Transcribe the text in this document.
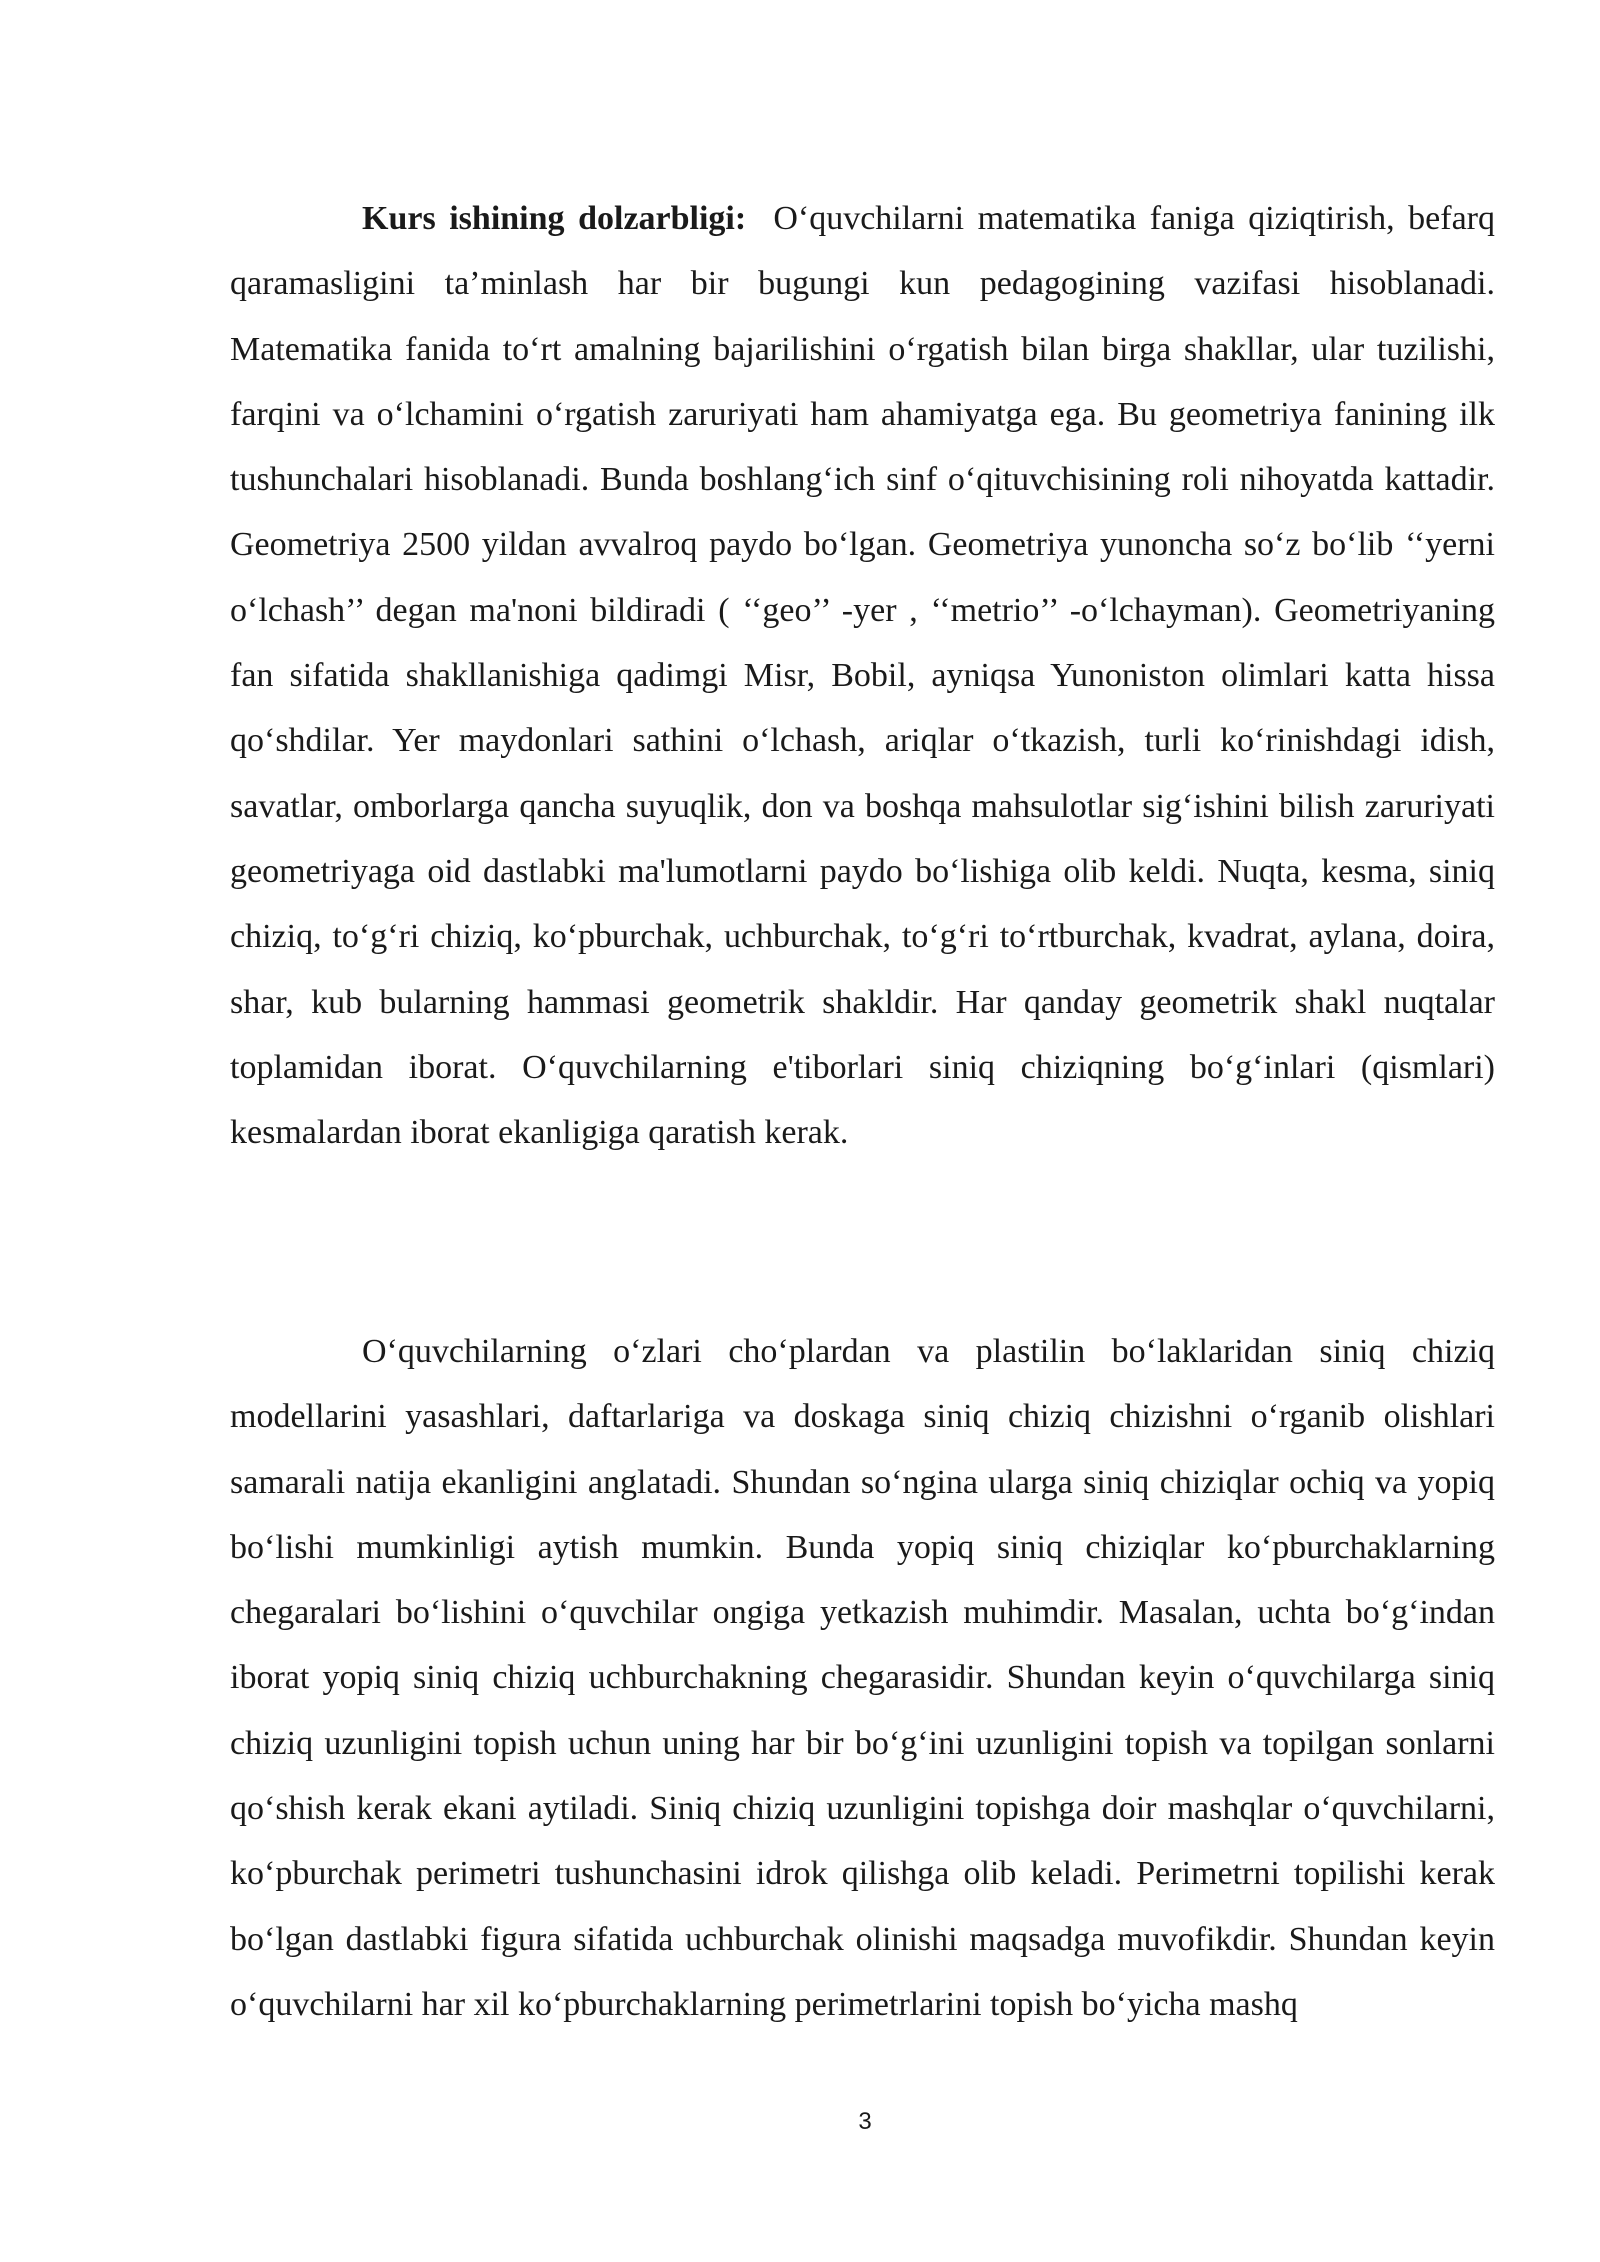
Kurs ishining dolzarbligi: O‘quvchilarni matematika faniga qiziqtirish, befarq qaramasligini ta’minlash har bir bugungi kun pedagogining vazifasi hisoblanadi. Matematika fanida to‘rt amalning bajarilishini o‘rgatish bilan birga shakllar, ular tuzilishi, farqini va o‘lchamini o‘rgatish zaruriyati ham ahamiyatga ega. Bu geometriya fanining ilk tushunchalari hisoblanadi. Bunda boshlang‘ich sinf o‘qituvchisining roli nihoyatda kattadir. Geometriya 2500 yildan avvalroq paydo bo‘lgan. Geometriya yunoncha so‘z bo‘lib ‘‘yerni o‘lchash’’ degan ma'noni bildiradi ( ‘‘geo’’ -yer , ‘‘metrio’’ -o‘lchayman). Geometriyaning fan sifatida shakllanishiga qadimgi Misr, Bobil, ayniqsa Yunoniston olimlari katta hissa qo‘shdilar. Yer maydonlari sathini o‘lchash, ariqlar o‘tkazish, turli ko‘rinishdagi idish, savatlar, omborlarga qancha suyuqlik, don va boshqa mahsulotlar sig‘ishini bilish zaruriyati geometriyaga oid dastlabki ma'lumotlarni paydo bo‘lishiga olib keldi. Nuqta, kesma, siniq chiziq, to‘g‘ri chiziq, ko‘pburchak, uchburchak, to‘g‘ri to‘rtburchak, kvadrat, aylana, doira, shar, kub bularning hammasi geometrik shakldir. Har qanday geometrik shakl nuqtalar toplamidan iborat. O‘quvchilarning e'tiborlari siniq chiziqning bo‘g‘inlari (qismlari) kesmalardan iborat ekanligiga qaratish kerak.

O‘quvchilarning o‘zlari cho‘plardan va plastilin bo‘laklaridan siniq chiziq modellarini yasashlari, daftarlariga va doskaga siniq chiziq chizishni o‘rganib olishlari samarali natija ekanligini anglatadi. Shundan so‘ngina ularga siniq chiziqlar ochiq va yopiq bo‘lishi mumkinligi aytish mumkin. Bunda yopiq siniq chiziqlar ko‘pburchaklarning chegaralari bo‘lishini o‘quvchilar ongiga yetkazish muhimdir. Masalan, uchta bo‘g‘indan iborat yopiq siniq chiziq uchburchakning chegarasidir. Shundan keyin o‘quvchilarga siniq chiziq uzunligini topish uchun uning har bir bo‘g‘ini uzunligini topish va topilgan sonlarni qo‘shish kerak ekani aytiladi. Siniq chiziq uzunligini topishga doir mashqlar o‘quvchilarni, ko‘pburchak perimetri tushunchasini idrok qilishga olib keladi. Perimetrni topilishi kerak bo‘lgan dastlabki figura sifatida uchburchak olinishi maqsadga muvofikdir. Shundan keyin o‘quvchilarni har xil ko‘pburchaklarning perimetrlarini topish bo‘yicha mashq

3
